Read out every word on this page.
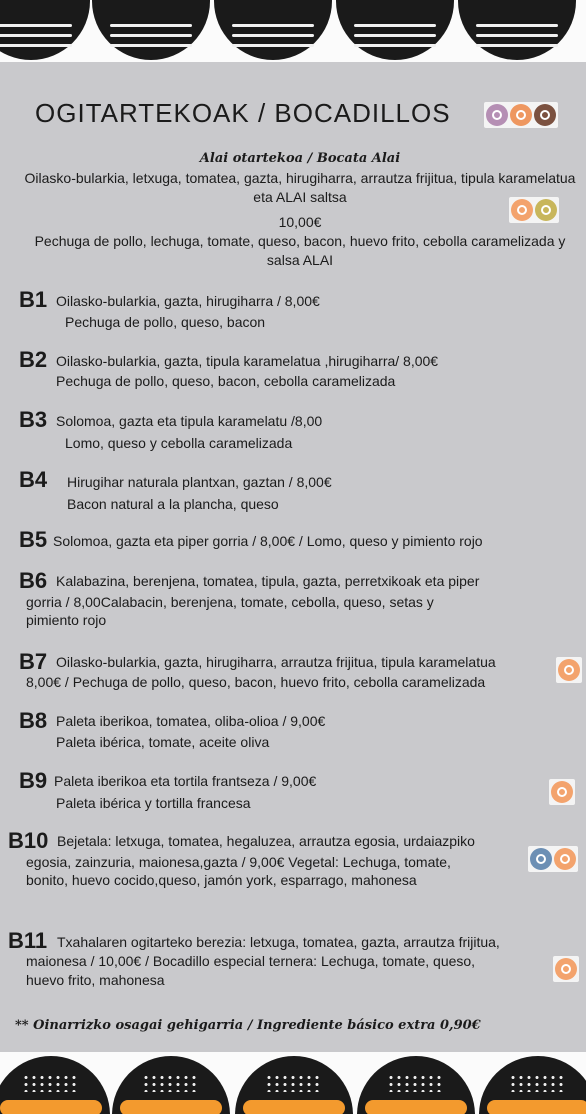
OGITARTEKOAK / BOCADILLOS
Alai otartekoa / Bocata Alai
Oilasko-bularkia, letxuga, tomatea, gazta, hirugiharra, arrautza frijitua, tipula karamelatua eta ALAI saltsa
10,00€
Pechuga de pollo, lechuga, tomate, queso, bacon, huevo frito, cebolla caramelizada y salsa ALAI
B1 Oilasko-bularkia, gazta, hirugiharra / 8,00€
Pechuga de pollo, queso, bacon
B2 Oilasko-bularkia, gazta, tipula karamelatua ,hirugiharra/ 8,00€
Pechuga de pollo, queso, bacon, cebolla caramelizada
B3 Solomoa, gazta eta tipula karamelatu /8,00
Lomo, queso y cebolla caramelizada
B4 Hirugihar naturala plantxan, gaztan / 8,00€
Bacon natural a la plancha, queso
B5 Solomoa, gazta eta piper gorria / 8,00€ / Lomo, queso y pimiento rojo
B6 Kalabazina, berenjena, tomatea, tipula, gazta, perretxikoak eta piper
gorria / 8,00Calabacin, berenjena, tomate, cebolla, queso, setas y
pimiento rojo
B7 Oilasko-bularkia, gazta, hirugiharra, arrautza frijitua, tipula karamelatua
8,00€ / Pechuga de pollo, queso, bacon, huevo frito, cebolla caramelizada
B8 Paleta iberikoa, tomatea, oliba-olioa / 9,00€
Paleta ibérica, tomate, aceite oliva
B9 Paleta iberikoa eta tortila frantseza / 9,00€
Paleta ibérica y tortilla francesa
B10 Bejetala: letxuga, tomatea, hegaluzea, arrautza egosia, urdaiazpiko
egosia, zainzuria, maionesa,gazta / 9,00€ Vegetal: Lechuga, tomate,
bonito, huevo cocido,queso, jamón york, esparrago, mahonesa
B11 Txahalaren ogitarteko berezia: letxuga, tomatea, gazta, arrautza frijitua,
maionesa / 10,00€ / Bocadillo especial ternera: Lechuga, tomate, queso,
huevo frito, mahonesa
** Oinarrizko osagai gehigarria / Ingrediente básico extra 0,90€
